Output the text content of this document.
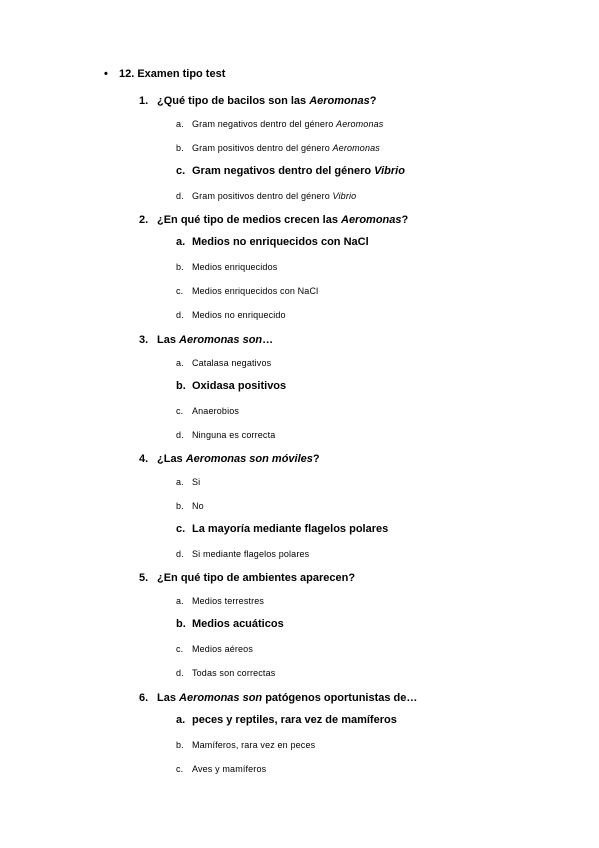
• 12. Examen tipo test
1. ¿Qué tipo de bacilos son las Aeromonas?
a. Gram negativos dentro del género Aeromonas
b. Gram positivos dentro del género Aeromonas
c. Gram negativos dentro del género Vibrio
d. Gram positivos dentro del género Vibrio
2. ¿En qué tipo de medios crecen las Aeromonas?
a. Medios no enriquecidos con NaCl
b. Medios enriquecidos
c. Medios enriquecidos con NaCl
d. Medios no enriquecido
3. Las Aeromonas son…
a. Catalasa negativos
b. Oxidasa positivos
c. Anaerobios
d. Ninguna es correcta
4. ¿Las Aeromonas son móviles?
a. Si
b. No
c. La mayoría mediante flagelos polares
d. Si mediante flagelos polares
5. ¿En qué tipo de ambientes aparecen?
a. Medios terrestres
b. Medios acuáticos
c. Medios aéreos
d. Todas son correctas
6. Las Aeromonas son patógenos oportunistas de…
a. peces y reptiles, rara vez de mamíferos
b. Mamíferos, rara vez en peces
c. Aves y mamíferos
